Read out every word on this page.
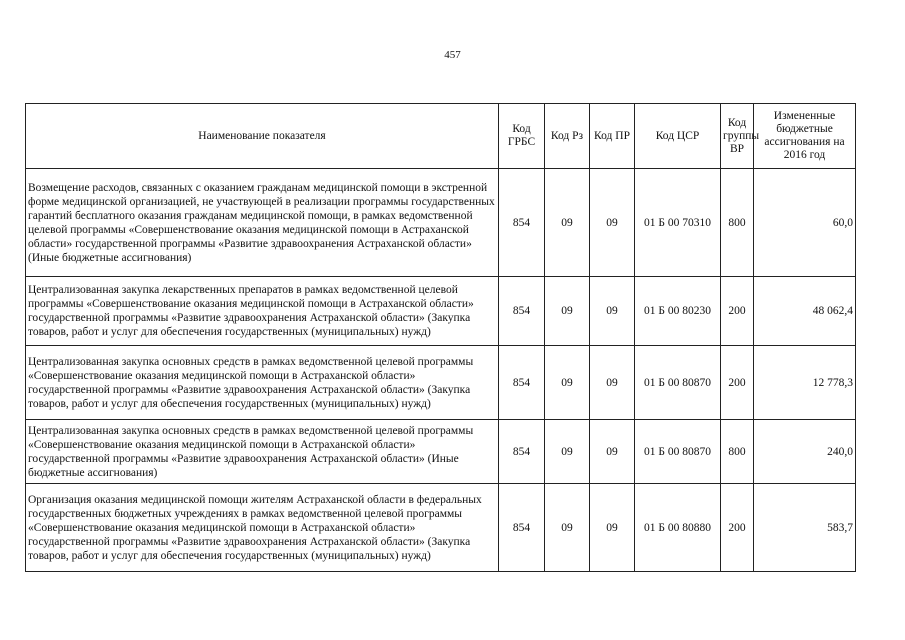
457
Наименование показателя	Код ГРБС	Код Рз	Код ПР	Код ЦСР	Код группы ВР	Измененные бюджетные ассигнования на 2016 год
Возмещение расходов, связанных с оказанием гражданам медицинской помощи в экстренной форме медицинской организацией, не участвующей в реализации программы государственных гарантий бесплатного оказания гражданам медицинской помощи, в рамках ведомственной целевой программы «Совершенствование оказания медицинской помощи в Астраханской области» государственной программы «Развитие здравоохранения Астраханской области» (Иные бюджетные ассигнования)	854	09	09	01 Б 00 70310	800	60,0
Централизованная закупка лекарственных препаратов в рамках ведомственной целевой программы «Совершенствование оказания медицинской помощи в Астраханской области» государственной программы «Развитие здравоохранения Астраханской области» (Закупка товаров, работ и услуг для обеспечения государственных (муниципальных) нужд)	854	09	09	01 Б 00 80230	200	48 062,4
Централизованная закупка основных средств в рамках ведомственной целевой программы «Совершенствование оказания медицинской помощи в Астраханской области» государственной программы «Развитие здравоохранения Астраханской области» (Закупка товаров, работ и услуг для обеспечения государственных (муниципальных) нужд)	854	09	09	01 Б 00 80870	200	12 778,3
Централизованная закупка основных средств в рамках ведомственной целевой программы «Совершенствование оказания медицинской помощи в Астраханской области» государственной программы «Развитие здравоохранения Астраханской области» (Иные бюджетные ассигнования)	854	09	09	01 Б 00 80870	800	240,0
Организация оказания медицинской помощи жителям Астраханской области в федеральных государственных бюджетных учреждениях в рамках ведомственной целевой программы «Совершенствование оказания медицинской помощи в Астраханской области» государственной программы «Развитие здравоохранения Астраханской области» (Закупка товаров, работ и услуг для обеспечения государственных (муниципальных) нужд)	854	09	09	01 Б 00 80880	200	583,7
